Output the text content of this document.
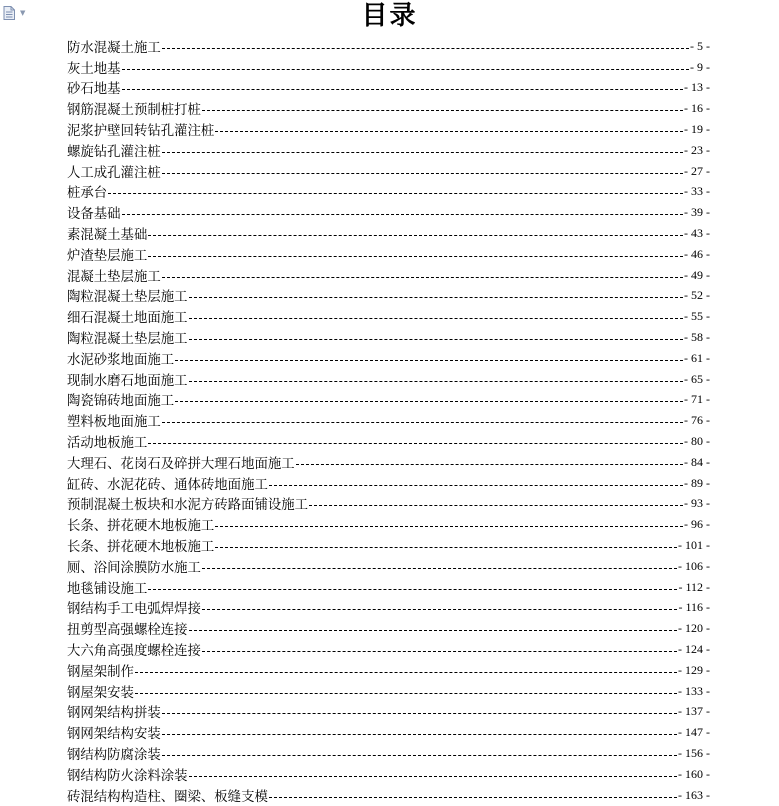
▼	目录
防水混凝土施工	- 5 -
灰土地基	- 9 -
砂石地基	- 13 -
钢筋混凝土预制桩打桩	- 16 -
泥浆护壁回转钻孔灌注桩	- 19 -
螺旋钻孔灌注桩	- 23 -
人工成孔灌注桩	- 27 -
桩承台	- 33 -
设备基础	- 39 -
素混凝土基础	- 43 -
炉渣垫层施工	- 46 -
混凝土垫层施工	- 49 -
陶粒混凝土垫层施工	- 52 -
细石混凝土地面施工	- 55 -
陶粒混凝土垫层施工	- 58 -
水泥砂浆地面施工	- 61 -
现制水磨石地面施工	- 65 -
陶瓷锦砖地面施工	- 71 -
塑料板地面施工	- 76 -
活动地板施工	- 80 -
大理石、花岗石及碎拼大理石地面施工	- 84 -
缸砖、水泥花砖、通体砖地面施工	- 89 -
预制混凝土板块和水泥方砖路面铺设施工	- 93 -
长条、拼花硬木地板施工	- 96 -
长条、拼花硬木地板施工	- 101 -
厕、浴间涂膜防水施工	- 106 -
地毯铺设施工	- 112 -
钢结构手工电弧焊焊接	- 116 -
扭剪型高强螺栓连接	- 120 -
大六角高强度螺栓连接	- 124 -
钢屋架制作	- 129 -
钢屋架安装	- 133 -
钢网架结构拼装	- 137 -
钢网架结构安装	- 147 -
钢结构防腐涂装	- 156 -
钢结构防火涂料涂装	- 160 -
砖混结构构造柱、圈梁、板缝支模	- 163 -
